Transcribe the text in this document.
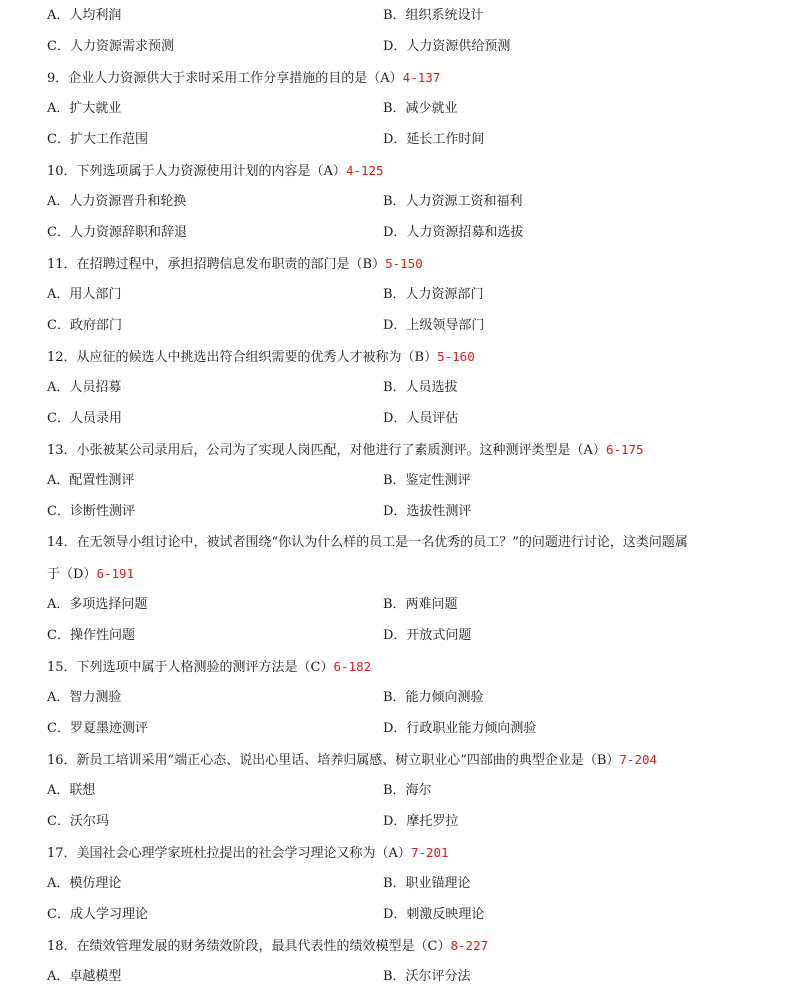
A．人均利润	B．组织系统设计
C．人力资源需求预测	D．人力资源供给预测
9．企业人力资源供大于求时采用工作分享措施的目的是（A）4-137
A．扩大就业	B．减少就业
C．扩大工作范围	D．延长工作时间
10．下列选项属于人力资源使用计划的内容是（A）4-125
A．人力资源晋升和轮换	B．人力资源工资和福利
C．人力资源辞职和辞退	D．人力资源招募和选拔
11．在招聘过程中，承担招聘信息发布职责的部门是（B）5-150
A．用人部门	B．人力资源部门
C．政府部门	D．上级领导部门
12．从应征的候选人中挑选出符合组织需要的优秀人才被称为（B）5-160
A．人员招募	B．人员选拔
C．人员录用	D．人员评估
13．小张被某公司录用后，公司为了实现人岗匹配，对他进行了素质测评。这种测评类型是（A）6-175
A．配置性测评	B．鉴定性测评
C．诊断性测评	D．选拔性测评
14．在无领导小组讨论中，被试者围绕“你认为什么样的员工是一名优秀的员工？”的问题进行讨论，这类问题属
于（D）6-191
A．多项选择问题	B．两难问题
C．操作性问题	D．开放式问题
15．下列选项中属于人格测验的测评方法是（C）6-182
A．智力测验	B．能力倾向测验
C．罗夏墨迹测评	D．行政职业能力倾向测验
16．新员工培训采用“端正心态、说出心里话、培养归属感、树立职业心”四部曲的典型企业是（B）7-204
A．联想	B．海尔
C．沃尔玛	D．摩托罗拉
17．美国社会心理学家班杜拉提出的社会学习理论又称为（A）7-201
A．模仿理论	B．职业锚理论
C．成人学习理论	D．刺激反映理论
18．在绩效管理发展的财务绩效阶段，最具代表性的绩效模型是（C）8-227
A．卓越模型	B．沃尔评分法
